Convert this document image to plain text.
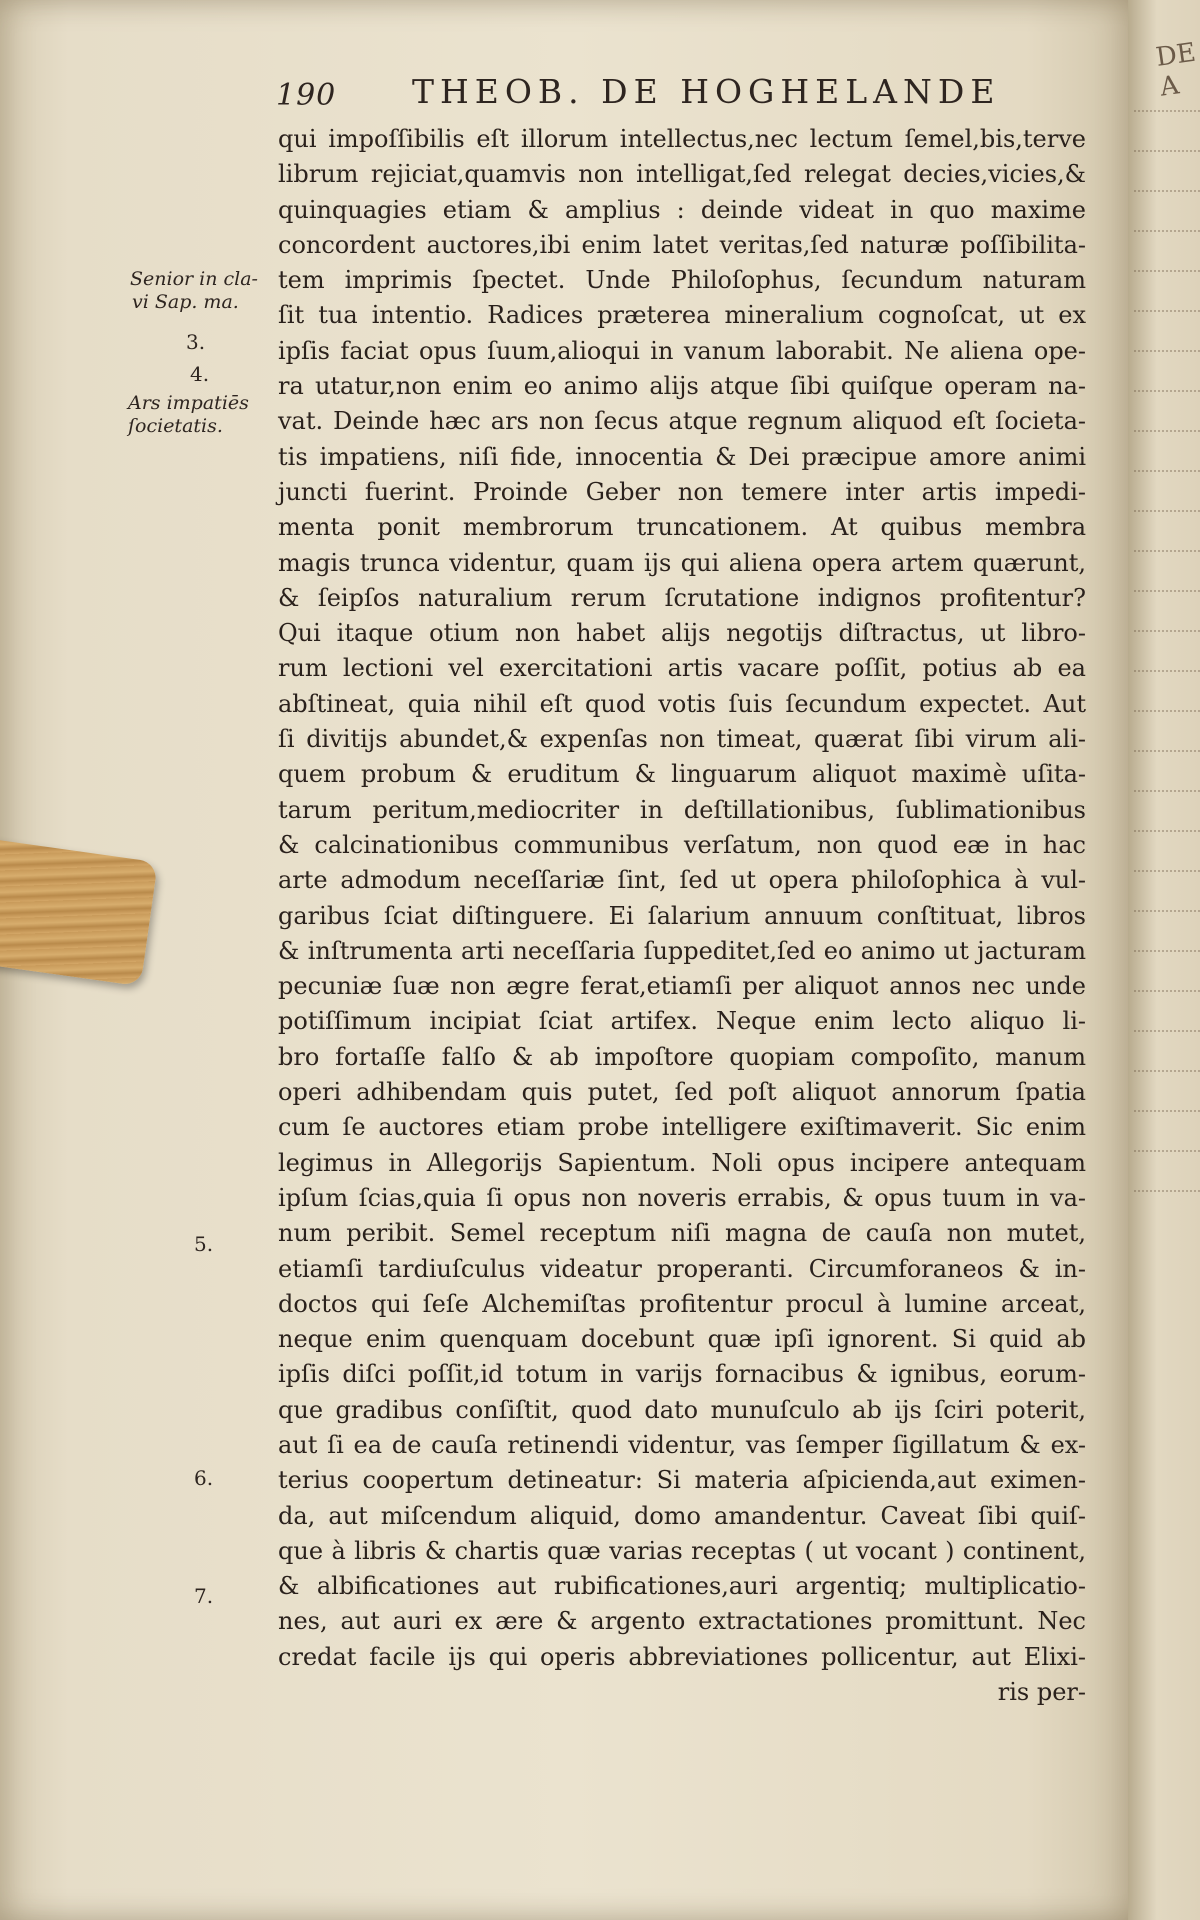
190 THEOB. DE HOGHELANDE
qui impoſſibilis eſt illorum intellectus,nec lectum ſemel,bis,terve
librum rejiciat,quamvis non intelligat,ſed relegat decies,vicies,&
quinquagies etiam & amplius : deinde videat in quo maxime
concordent auctores,ibi enim latet veritas,ſed naturæ poſſibilita-
tem imprimis ſpectet. Unde Philoſophus, ſecundum naturam
ſit tua intentio. Radices præterea mineralium cognoſcat, ut ex
ipſis faciat opus ſuum,alioqui in vanum laborabit. Ne aliena ope-
ra utatur,non enim eo animo alijs atque ſibi quiſque operam na-
vat. Deinde hæc ars non ſecus atque regnum aliquod eſt ſocieta-
tis impatiens, niſi fide, innocentia & Dei præcipue amore animi
juncti fuerint. Proinde Geber non temere inter artis impedi-
menta ponit membrorum truncationem. At quibus membra
magis trunca videntur, quam ijs qui aliena opera artem quærunt,
& ſeipſos naturalium rerum ſcrutatione indignos profitentur?
Qui itaque otium non habet alijs negotijs diſtractus, ut libro-
rum lectioni vel exercitationi artis vacare poſſit, potius ab ea
abſtineat, quia nihil eſt quod votis ſuis ſecundum expectet. Aut
ſi divitijs abundet,& expenſas non timeat, quærat ſibi virum ali-
quem probum & eruditum & linguarum aliquot maximè uſita-
tarum peritum,mediocriter in deſtillationibus, ſublimationibus
& calcinationibus communibus verſatum, non quod eæ in hac
arte admodum neceſſariæ ſint, ſed ut opera philoſophica à vul-
garibus ſciat diſtinguere. Ei ſalarium annuum conſtituat, libros
& inſtrumenta arti neceſſaria ſuppeditet,ſed eo animo ut jacturam
pecuniæ ſuæ non ægre ferat,etiamſi per aliquot annos nec unde
potiſſimum incipiat ſciat artifex. Neque enim lecto aliquo li-
bro fortaſſe falſo & ab impoſtore quopiam compoſito, manum
operi adhibendam quis putet, ſed poſt aliquot annorum ſpatia
cum ſe auctores etiam probe intelligere exiſtimaverit. Sic enim
legimus in Allegorijs Sapientum. Noli opus incipere antequam
ipſum ſcias,quia ſi opus non noveris errabis, & opus tuum in va-
num peribit. Semel receptum niſi magna de cauſa non mutet,
etiamſi tardiuſculus videatur properanti. Circumforaneos & in-
doctos qui ſeſe Alchemiſtas profitentur procul à lumine arceat,
neque enim quenquam docebunt quæ ipſi ignorent. Si quid ab
ipſis diſci poſſit,id totum in varijs fornacibus & ignibus, eorum-
que gradibus conſiſtit, quod dato munuſculo ab ijs ſciri poterit,
aut ſi ea de cauſa retinendi videntur, vas ſemper ſigillatum & ex-
terius coopertum detineatur: Si materia aſpicienda,aut eximen-
da, aut miſcendum aliquid, domo amandentur. Caveat ſibi quiſ-
que à libris & chartis quæ varias receptas ( ut vocant ) continent,
& albificationes aut rubificationes,auri argentiq; multiplicatio-
nes, aut auri ex ære & argento extractationes promittunt. Nec
credat facile ijs qui operis abbreviationes pollicentur, aut Elixi-
ris per-
Senior in cla-
vi Sap. ma.
3.
4.
Ars impatiēs
ſocietatis.
5.
6.
7.
DE A
